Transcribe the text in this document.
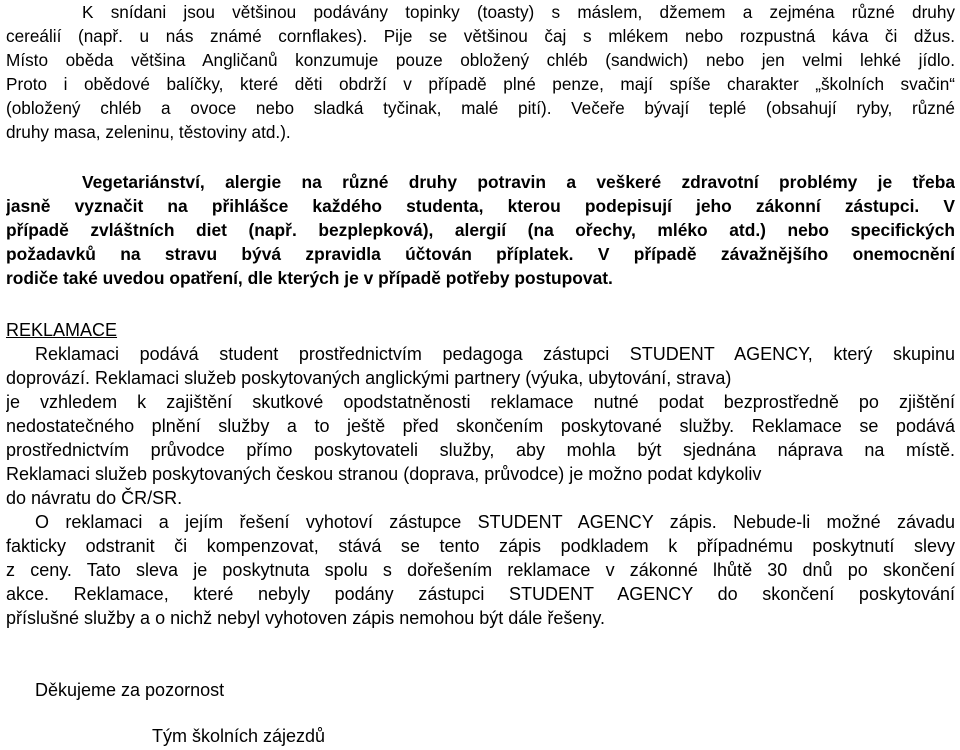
K snídani jsou většinou podávány topinky (toasty) s máslem, džemem a zejména různé druhy
cereálií (např. u nás známé cornflakes). Pije se většinou čaj s mlékem nebo rozpustná káva či džus.
Místo oběda většina Angličanů konzumuje pouze obložený chléb (sandwich) nebo jen velmi lehké jídlo.
Proto i obědové balíčky, které děti obdrží v případě plné penze, mají spíše charakter „školních svačin“
(obložený chléb a ovoce nebo sladká tyčinak, malé pití). Večeře bývají teplé (obsahují ryby, různé
druhy masa, zeleninu, těstoviny atd.).
Vegetariánství, alergie na různé druhy potravin a veškeré zdravotní problémy je třeba
jasně vyznačit na přihlášce každého studenta, kterou podepisují jeho zákonní zástupci. V
případě zvláštních diet (např. bezplepková), alergií (na ořechy, mléko atd.) nebo specifických
požadavků na stravu bývá zpravidla účtován příplatek. V případě závažnějšího onemocnění
rodiče také uvedou opatření, dle kterých je v případě potřeby postupovat.
REKLAMACE
Reklamaci podává student prostřednictvím pedagoga zástupci STUDENT AGENCY, který skupinu
doprovází. Reklamaci služeb poskytovaných anglickými partnery (výuka, ubytování, strava)
je vzhledem k zajištění skutkové opodstatněnosti reklamace nutné podat bezprostředně po zjištění
nedostatečného plnění služby a to ještě před skončením poskytované služby. Reklamace se podává
prostřednictvím průvodce přímo poskytovateli služby, aby mohla být sjednána náprava na místě.
Reklamaci služeb poskytovaných českou stranou (doprava, průvodce) je možno podat kdykoliv
do návratu do ČR/SR.
O reklamaci a jejím řešení vyhotoví zástupce STUDENT AGENCY zápis. Nebude-li možné závadu
fakticky odstranit či kompenzovat, stává se tento zápis podkladem k případnému poskytnutí slevy
z ceny. Tato sleva je poskytnuta spolu s dořešením reklamace v zákonné lhůtě 30 dnů po skončení
akce. Reklamace, které nebyly podány zástupci STUDENT AGENCY do skončení poskytování
příslušné služby a o nichž nebyl vyhotoven zápis nemohou být dále řešeny.
Děkujeme za pozornost
Tým školních zájezdů
